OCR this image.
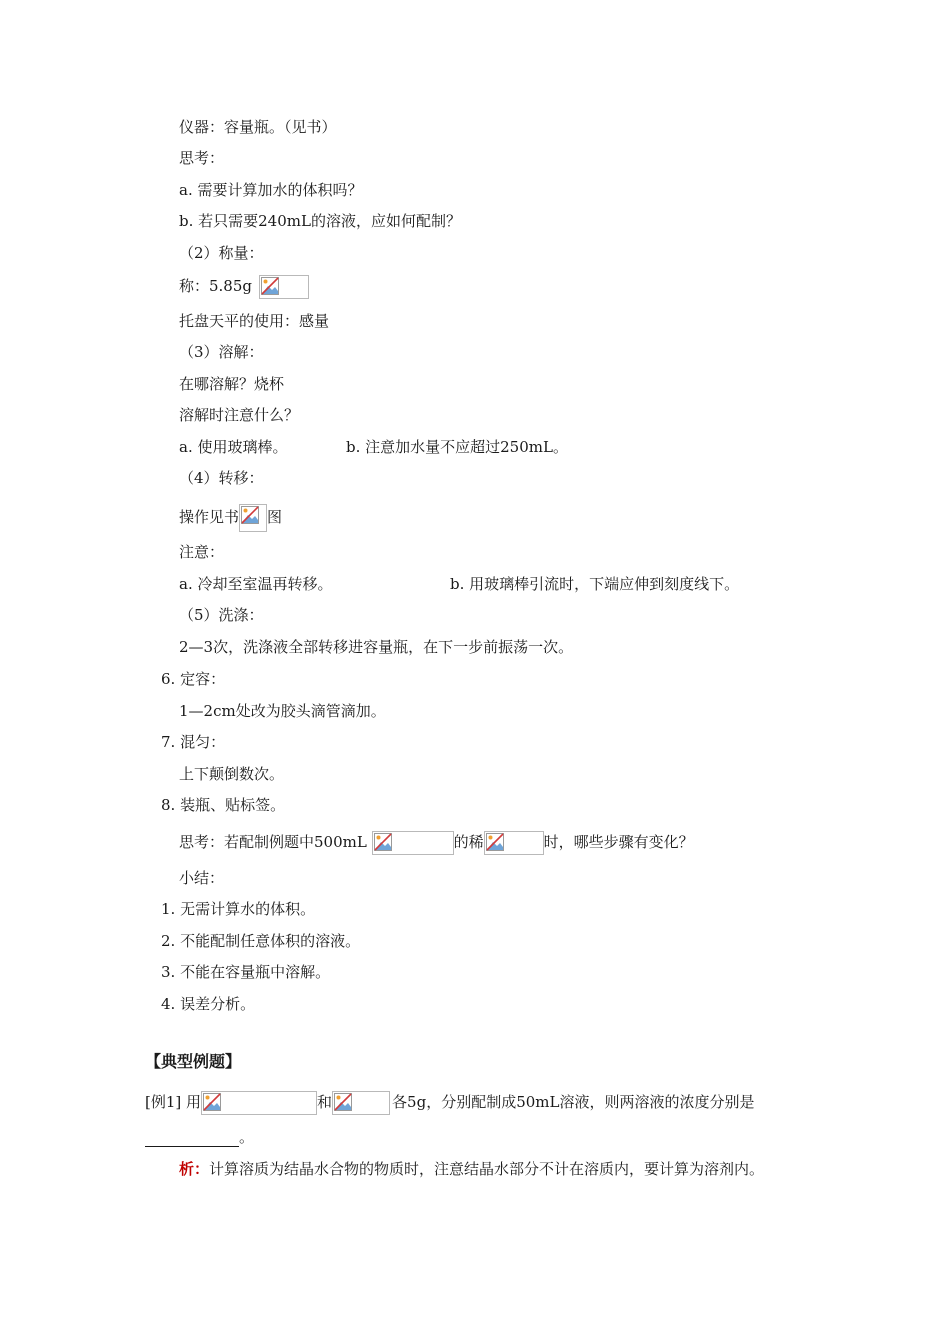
仪器：容量瓶。（见书）
思考：
a. 需要计算加水的体积吗？
b. 若只需要240mL的溶液，应如何配制？
（2）称量：
称：5.85g
托盘天平的使用：感量
（3）溶解：
在哪溶解？烧杯
溶解时注意什么？
a. 使用玻璃棒。	b. 注意加水量不应超过250mL。
（4）转移：
操作见书 图
注意：
a. 冷却至室温再转移。	b. 用玻璃棒引流时，下端应伸到刻度线下。
（5）洗涤：
2—3次，洗涤液全部转移进容量瓶，在下一步前振荡一次。
6. 定容：
1—2cm处改为胶头滴管滴加。
7. 混匀：
上下颠倒数次。
8. 装瓶、贴标签。
思考：若配制例题中500mL	的稀	时，哪些步骤有变化？
小结：
1. 无需计算水的体积。
2. 不能配制任意体积的溶液。
3. 不能在容量瓶中溶解。
4. 误差分析。
【典型例题】
[例1] 用	和	各5g，分别配制成50mL溶液，则两溶液的浓度分别是
。
析：计算溶质为结晶水合物的物质时，注意结晶水部分不计在溶质内，要计算为溶剂内。
